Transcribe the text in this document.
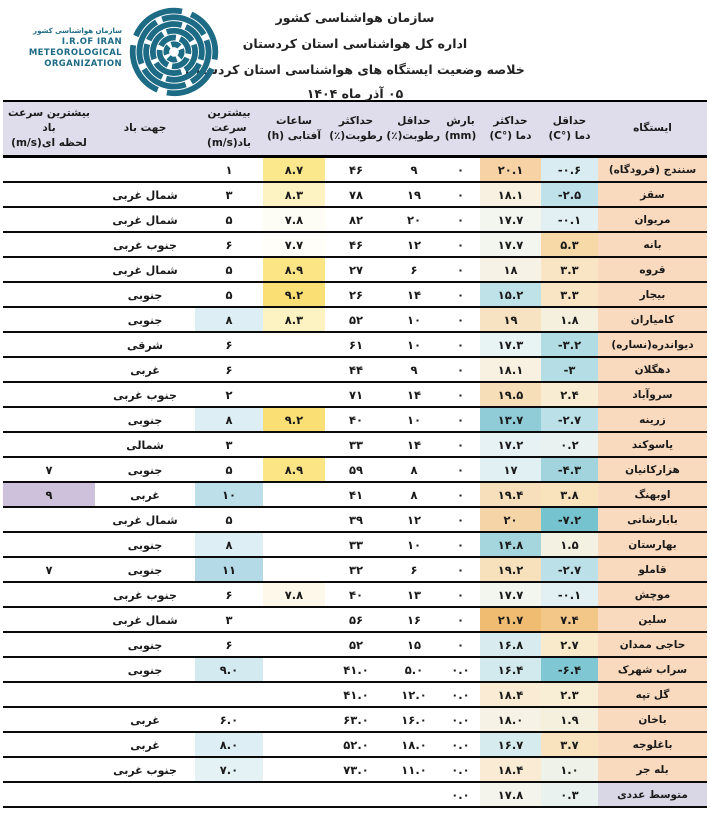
سازمان هواشناسی کشور
اداره کل هواشناسی استان کردستان
خلاصه وضعیت ایستگاه های هواشناسی استان کردستان
۰۵ آذر ماه ۱۴۰۴
سازمان هواشناسی کشور
I.R.OF IRAN
METEOROLOGICAL
ORGANIZATION
ایستگاه

حداقل
دما (°C)

حداکثر
دما (°C)

بارش
(mm)

حداقل
رطوبت(٪)

حداکثر
رطوبت(٪)

ساعات
آفتابی (h)

بیشترین سرعت
باد(m/s)

جهت باد

بیشترین سرعت باد
لحظه ای(m/s)

سنندج (فرودگاه)	-۰.۶	۲۰.۱	۰	۹	۴۶	۸.۷	۱		
سقز	-۲.۵	۱۸.۱	۰	۱۹	۷۸	۸.۳	۳	شمال غربی	
مریوان	-۰.۱	۱۷.۷	۰	۲۰	۸۲	۷.۸	۵	شمال غربی	
بانه	۵.۳	۱۷.۷	۰	۱۲	۴۶	۷.۷	۶	جنوب غربی	
قروه	۳.۳	۱۸	۰	۶	۲۷	۸.۹	۵	شمال غربی	
بیجار	۳.۳	۱۵.۲	۰	۱۴	۲۶	۹.۲	۵	جنوبی	
کامیاران	۱.۸	۱۹	۰	۱۰	۵۲	۸.۳	۸	جنوبی	
دیواندره(نساره)	-۳.۲	۱۷.۳	۰	۱۰	۶۱		۶	شرقی	
دهگلان	-۳	۱۸.۱	۰	۹	۴۴		۶	غربی	
سروآباد	۲.۴	۱۹.۵	۰	۱۴	۷۱		۲	جنوب غربی	
زرینه	-۲.۷	۱۳.۷	۰	۱۰	۴۰	۹.۲	۸	جنوبی	
یاسوکند	۰.۲	۱۷.۲	۰	۱۴	۳۳		۳	شمالی	
هزارکانیان	-۴.۳	۱۷	۰	۸	۵۹	۸.۹	۵	جنوبی	۷
اوبهنگ	۳.۸	۱۹.۴	۰	۸	۴۱		۱۰	غربی	۹
بابارشانی	-۷.۲	۲۰	۰	۱۲	۳۹		۵	شمال غربی	
بهارستان	۱.۵	۱۴.۸	۰	۱۰	۳۳		۸	جنوبی	
قاملو	-۲.۷	۱۹.۲	۰	۶	۳۲		۱۱	جنوبی	۷
موچش	-۰.۱	۱۷.۷	۰	۱۳	۴۰	۷.۸	۶	جنوب غربی	
سلین	۷.۴	۲۱.۷	۰	۱۶	۵۶		۳	شمال غربی	
حاجی ممدان	۲.۷	۱۶.۸	۰	۱۵	۵۲		۶	جنوبی	
سراب شهرک	-۶.۴	۱۶.۴	۰.۰	۵.۰	۴۱.۰		۹.۰	جنوبی	
گل تپه	۲.۳	۱۸.۴	۰.۰	۱۲.۰	۴۱.۰				
باخان	۱.۹	۱۸.۰	۰.۰	۱۶.۰	۶۳.۰		۶.۰	غربی	
باغلوجه	۳.۷	۱۶.۷	۰.۰	۱۸.۰	۵۲.۰		۸.۰	غربی	
بله جر	۱.۰	۱۸.۴	۰.۰	۱۱.۰	۷۳.۰		۷.۰	جنوب غربی	
متوسط عددی	۰.۳	۱۷.۸	۰.۰						
